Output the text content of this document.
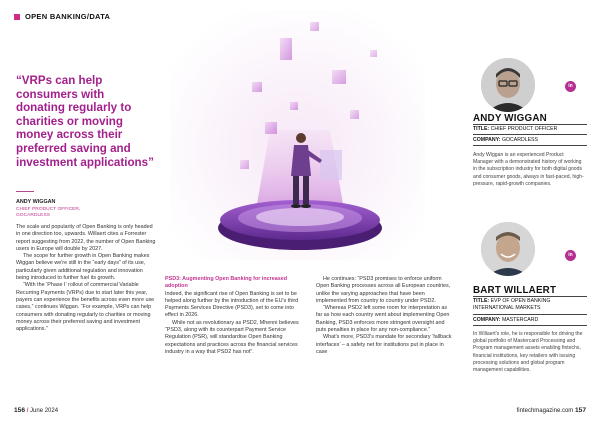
OPEN BANKING/DATA
“VRPs can help consumers with donating regularly to charities or moving money across their preferred saving and investment applications”
ANDY WIGGAN
CHIEF PRODUCT OFFICER, GOCARDLESS

The scale and popularity of Open Banking is only headed in one direction too, upwards. Willaert cites a Forrester report suggesting from 2022, the number of Open Banking users in Europe will double by 2027.

The scope for further growth in Open Banking makes Wiggan believe we're still in the “early days” of its use, particularly given additional regulation and innovation being introduced to further fuel its growth.

“With the ‘Phase I’ rollout of commercial Variable Recurring Payments (VRPs) due to start later this year, payers can experience the benefits across even more use cases,” continues Wiggan. “For example, VRPs can help consumers with donating regularly to charities or moving money across their preferred saving and investment applications.”

PSD3: Augmenting Open Banking for increased adoption

Indeed, the significant rise of Open Banking is set to be helped along further by the introduction of the EU's third Payments Services Directive (PSD3), set to come into effect in 2026.

While not as revolutionary as PSD2, Mhenni believes “PSD3, along with its counterpart Payment Service Regulation (PSR), will standardise Open Banking expectations and practices across the financial services industry in a way that PSD2 has not”.

He continues: “PSD3 promises to enforce uniform Open Banking processes across all European countries, unlike the varying approaches that have been implemented from country to country under PSD2.

“Whereas PSD2 left some room for interpretation as far as how each country went about implementing Open Banking, PSD3 enforces more stringent oversight and puts penalties in place for any non-compliance.”

What's more, PSD3's mandate for secondary ‘fallback interfaces’ – a safety net for institutions put in place in case

in
ANDY WIGGAN
TITLE: CHIEF PRODUCT OFFICER
COMPANY: GOCARDLESS
Andy Wiggan is an experienced Product Manager with a demonstrated history of working in the subscription industry for both digital goods and consumer goods, always in fast-paced, high-pressure, rapid-growth companies.
in
BART WILLAERT
TITLE: EVP OF OPEN BANKING INTERNATIONAL MARKETS
COMPANY: MASTERCARD
In Willaert's role, he is responsible for driving the global portfolio of Mastercard Processing and Program management assets enabling fintechs, financial institutions, key retailers with issuing processing solutions and global program management capabilities.
156 / June 2024	fintechmagazine.com 157
